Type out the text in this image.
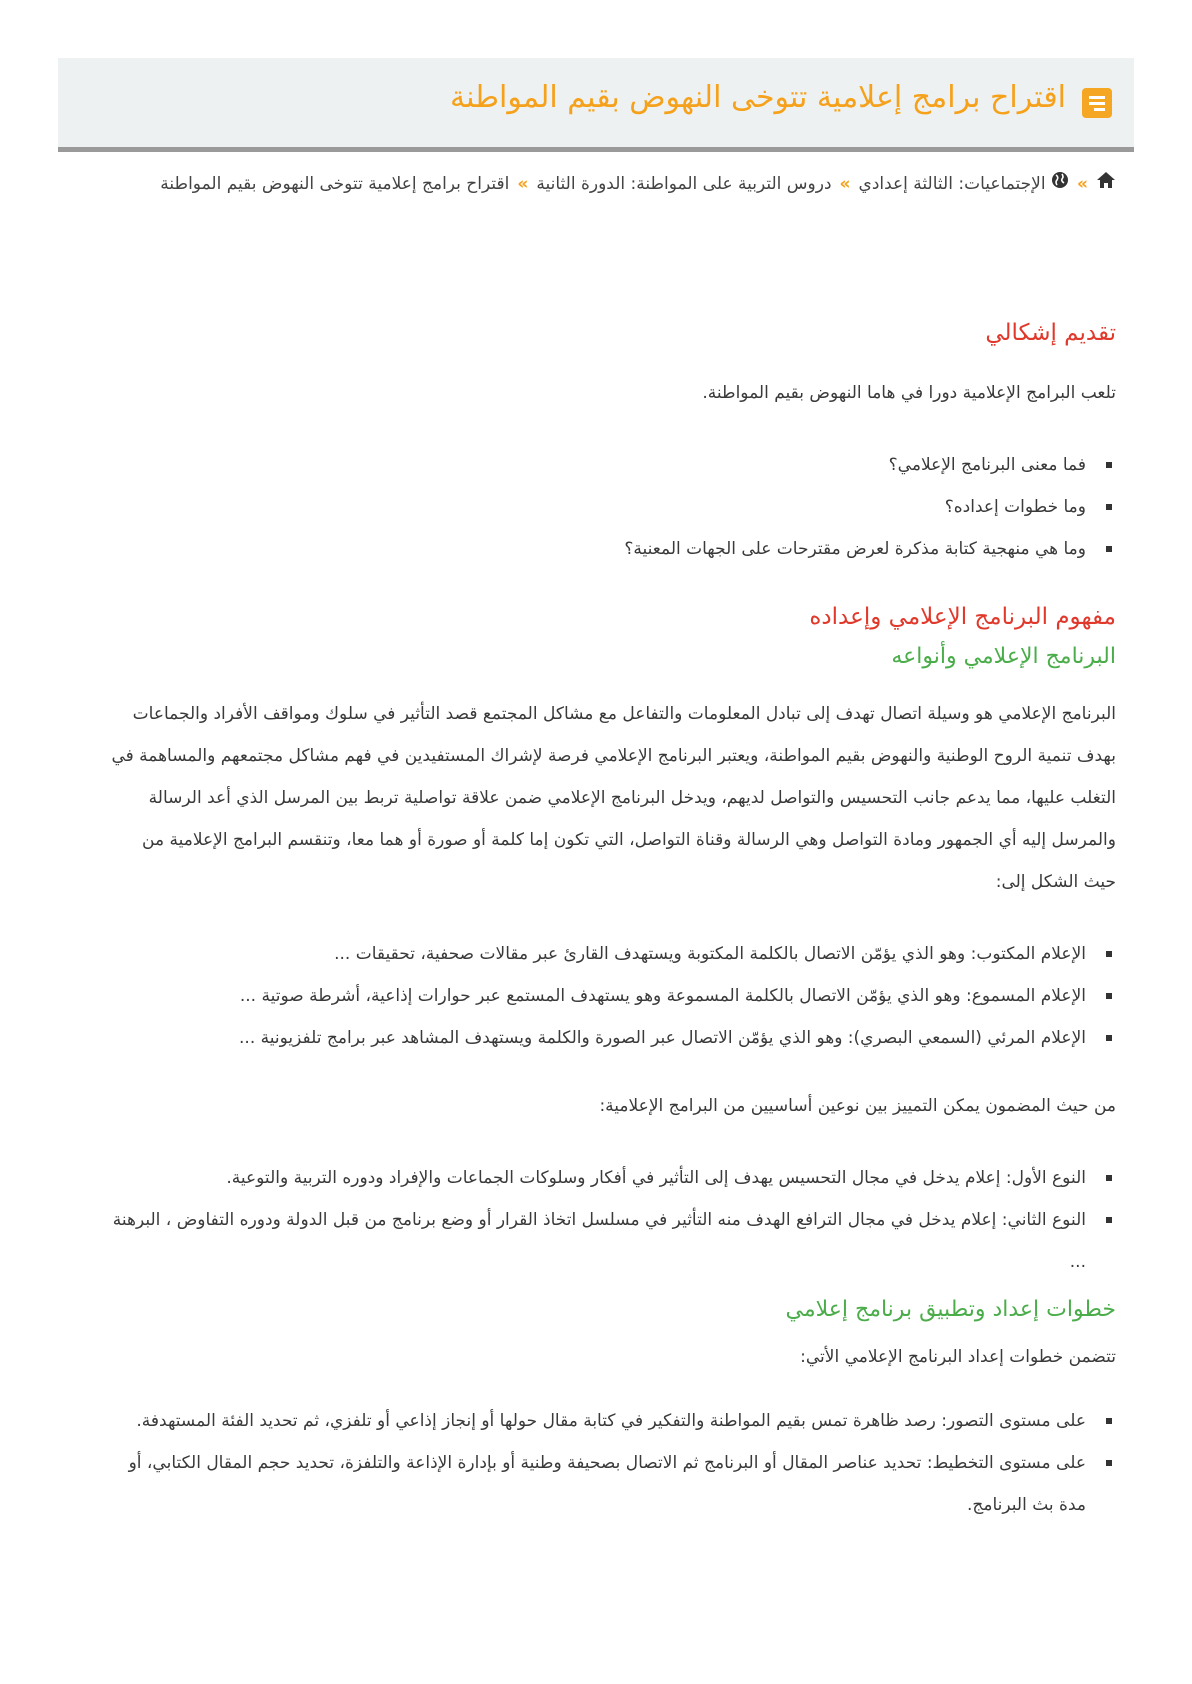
اقتراح برامج إعلامية تتوخى النهوض بقيم المواطنة
» الإجتماعيات: الثالثة إعدادي»دروس التربية على المواطنة: الدورة الثانية»اقتراح برامج إعلامية تتوخى النهوض بقيم المواطنة
تقديم إشكالي

تلعب البرامج الإعلامية دورا في هاما النهوض بقيم المواطنة.

فما معنى البرنامج الإعلامي؟
وما خطوات إعداده؟
وما هي منهجية كتابة مذكرة لعرض مقترحات على الجهات المعنية؟
مفهوم البرنامج الإعلامي وإعداده
البرنامج الإعلامي وأنواعه

البرنامج الإعلامي هو وسيلة اتصال تهدف إلى تبادل المعلومات والتفاعل مع مشاكل المجتمع قصد التأثير في سلوك ومواقف الأفراد والجماعات بهدف تنمية الروح الوطنية والنهوض بقيم المواطنة، ويعتبر البرنامج الإعلامي فرصة لإشراك المستفيدين في فهم مشاكل مجتمعهم والمساهمة في التغلب عليها، مما يدعم جانب التحسيس والتواصل لديهم، ويدخل البرنامج الإعلامي ضمن علاقة تواصلية تربط بين المرسل الذي أعد الرسالة والمرسل إليه أي الجمهور ومادة التواصل وهي الرسالة وقناة التواصل، التي تكون إما كلمة أو صورة أو هما معا، وتنقسم البرامج الإعلامية من حيث الشكل إلى:

الإعلام المكتوب: وهو الذي يؤمّن الاتصال بالكلمة المكتوبة ويستهدف القارئ عبر مقالات صحفية، تحقيقات ...
الإعلام المسموع: وهو الذي يؤمّن الاتصال بالكلمة المسموعة وهو يستهدف المستمع عبر حوارات إذاعية، أشرطة صوتية ...
الإعلام المرئي (السمعي البصري): وهو الذي يؤمّن الاتصال عبر الصورة والكلمة ويستهدف المشاهد عبر برامج تلفزيونية ...

من حيث المضمون يمكن التمييز بين نوعين أساسيين من البرامج الإعلامية:

النوع الأول: إعلام يدخل في مجال التحسيس يهدف إلى التأثير في أفكار وسلوكات الجماعات والإفراد ودوره التربية والتوعية.
النوع الثاني: إعلام يدخل في مجال الترافع الهدف منه التأثير في مسلسل اتخاذ القرار أو وضع برنامج من قبل الدولة ودوره التفاوض ، البرهنة ...
خطوات إعداد وتطبيق برنامج إعلامي

تتضمن خطوات إعداد البرنامج الإعلامي الأتي:

على مستوى التصور: رصد ظاهرة تمس بقيم المواطنة والتفكير في كتابة مقال حولها أو إنجاز إذاعي أو تلفزي، ثم تحديد الفئة المستهدفة.
على مستوى التخطيط: تحديد عناصر المقال أو البرنامج ثم الاتصال بصحيفة وطنية أو بإدارة الإذاعة والتلفزة، تحديد حجم المقال الكتابي، أو مدة بث البرنامج.
